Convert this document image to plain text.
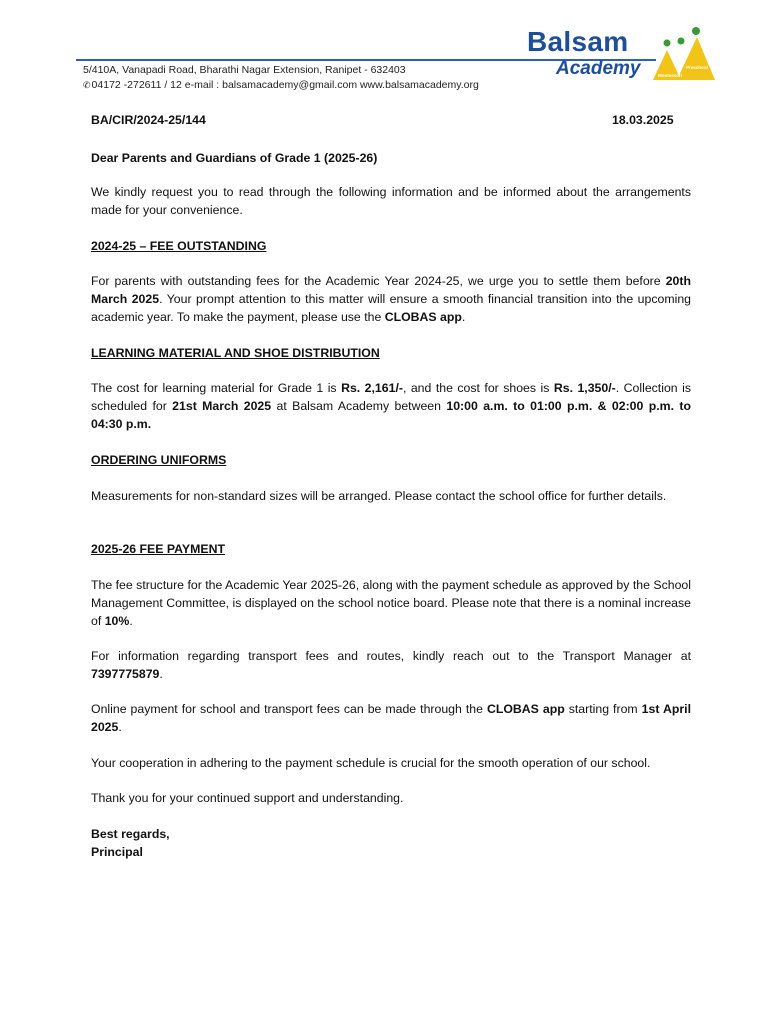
5/410A, Vanapadi Road, Bharathi Nagar Extension, Ranipet - 632403
✆04172 -272611 / 12 e-mail : balsamacademy@gmail.com www.balsamacademy.org
Balsam
Academy	Montessori
Preschool
BA/CIR/2024-25/144	18.03.2025

Dear Parents and Guardians of Grade 1 (2025-26)

We kindly request you to read through the following information and be informed about the arrangements made for your convenience.

2024-25 – FEE OUTSTANDING

For parents with outstanding fees for the Academic Year 2024-25, we urge you to settle them before 20th March 2025. Your prompt attention to this matter will ensure a smooth financial transition into the upcoming academic year. To make the payment, please use the CLOBAS app.

LEARNING MATERIAL AND SHOE DISTRIBUTION

The cost for learning material for Grade 1 is Rs. 2,161/-, and the cost for shoes is Rs. 1,350/-. Collection is scheduled for 21st March 2025 at Balsam Academy between 10:00 a.m. to 01:00 p.m. & 02:00 p.m. to 04:30 p.m.

ORDERING UNIFORMS

Measurements for non-standard sizes will be arranged. Please contact the school office for further details.

2025-26 FEE PAYMENT

The fee structure for the Academic Year 2025-26, along with the payment schedule as approved by the School Management Committee, is displayed on the school notice board. Please note that there is a nominal increase of 10%.

For information regarding transport fees and routes, kindly reach out to the Transport Manager at 7397775879.

Online payment for school and transport fees can be made through the CLOBAS app starting from 1st April 2025.

Your cooperation in adhering to the payment schedule is crucial for the smooth operation of our school.

Thank you for your continued support and understanding.

Best regards,

Principal
